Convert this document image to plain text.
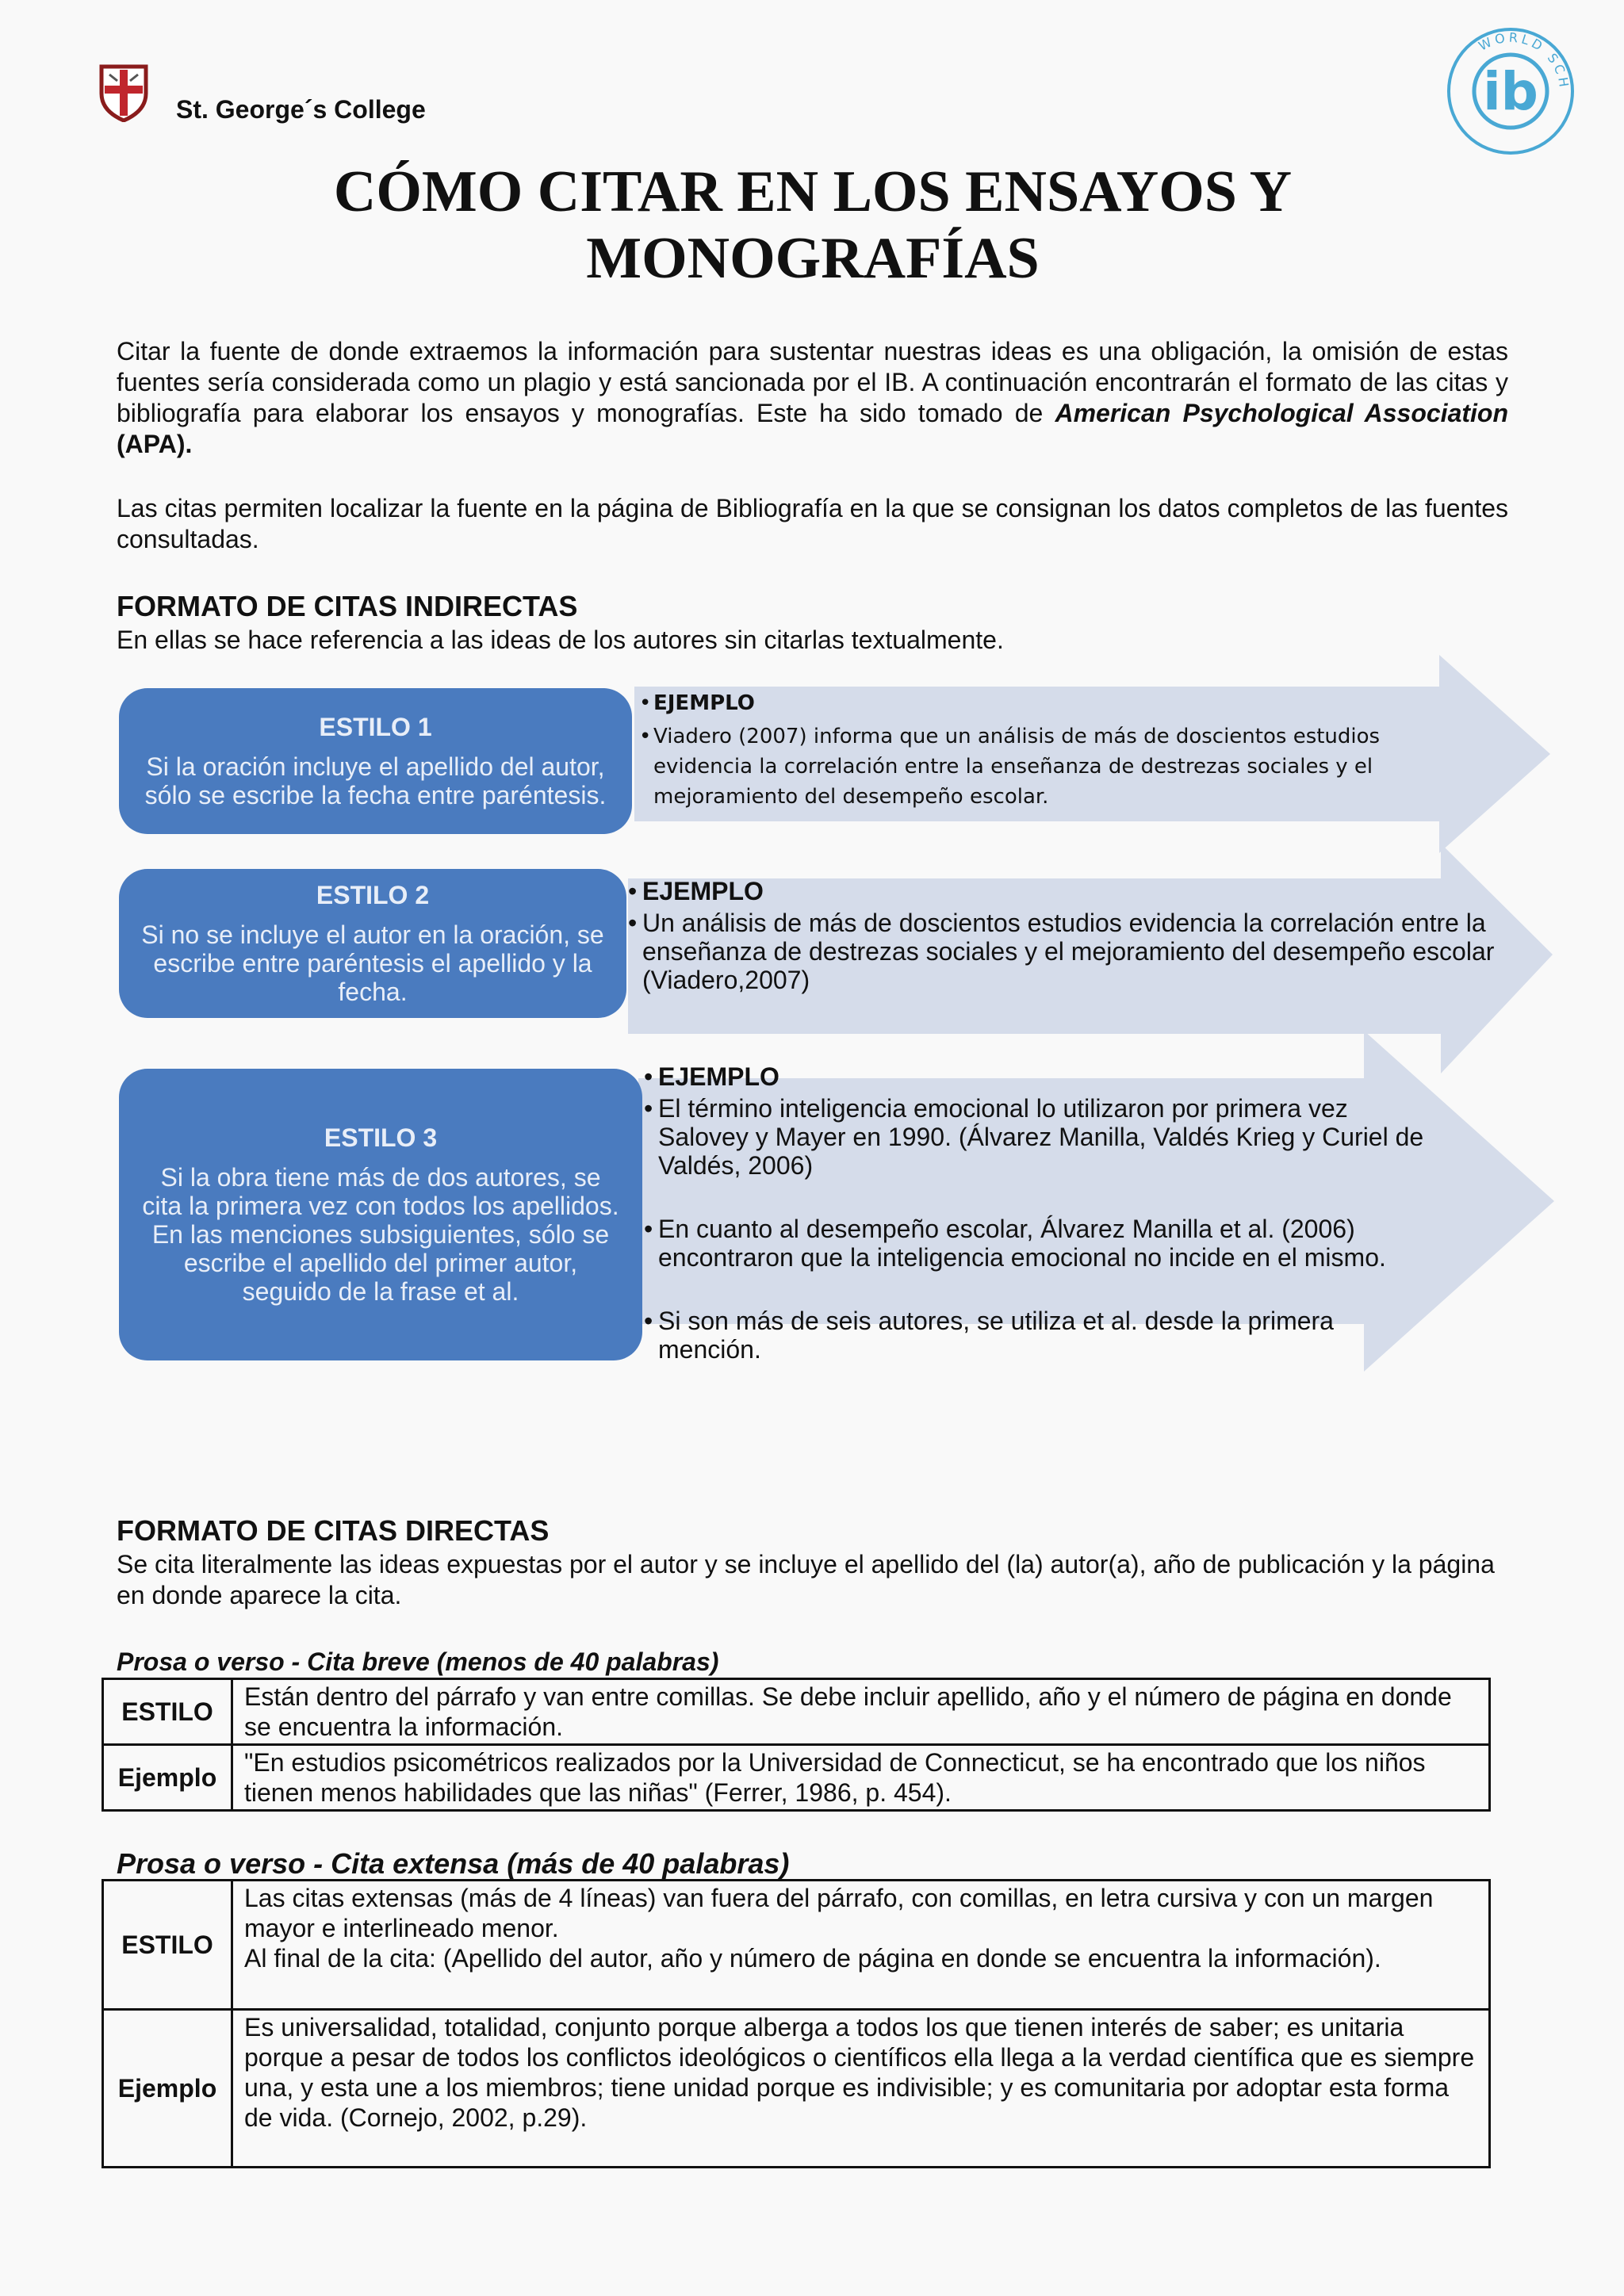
St. George´s College
WORLD SCH
ib
CÓMO CITAR EN LOS ENSAYOS Y
MONOGRAFÍAS
Citar la fuente de donde extraemos la información para sustentar nuestras ideas es una obligación, la omisión de estas fuentes sería considerada como un plagio y está sancionada por el IB. A continuación encontrarán el formato de las citas y bibliografía para elaborar los ensayos y monografías. Este ha sido tomado de American Psychological Association (APA).
Las citas permiten localizar la fuente en la página de Bibliografía en la que se consignan los datos completos de las fuentes consultadas.
FORMATO DE CITAS INDIRECTAS
En ellas se hace referencia a las ideas de los autores sin citarlas textualmente.
ESTILO 1
Si la oración incluye el apellido del autor, sólo se escribe la fecha entre paréntesis.
ESTILO 2
Si no se incluye el autor en la oración, se escribe entre paréntesis el apellido y la fecha.
ESTILO 3
Si la obra tiene más de dos autores, se cita la primera vez con todos los apellidos. En las menciones subsiguientes, sólo se escribe el apellido del primer autor, seguido de la frase et al.
• EJEMPLO
• Viadero (2007) informa que un análisis de más de doscientos estudios evidencia la correlación entre la enseñanza de destrezas sociales y el mejoramiento del desempeño escolar.
• EJEMPLO
• Un análisis de más de doscientos estudios evidencia la correlación entre la enseñanza de destrezas sociales y el mejoramiento del desempeño escolar (Viadero,2007)
• EJEMPLO
• El término inteligencia emocional lo utilizaron por primera vez Salovey y Mayer en 1990. (Álvarez Manilla, Valdés Krieg y Curiel de Valdés, 2006)
• En cuanto al desempeño escolar, Álvarez Manilla et al. (2006) encontraron que la inteligencia emocional no incide en el mismo.
• Si son más de seis autores, se utiliza et al. desde la primera mención.
FORMATO DE CITAS DIRECTAS
Se cita literalmente las ideas expuestas por el autor y se incluye el apellido del (la) autor(a), año de publicación y la página en donde aparece la cita.
Prosa o verso - Cita breve (menos de 40 palabras)
ESTILO	Están dentro del párrafo y van entre comillas. Se debe incluir apellido, año y el número de página en donde se encuentra la información.
Ejemplo	"En estudios psicométricos realizados por la Universidad de Connecticut, se ha encontrado que los niños tienen menos habilidades que las niñas" (Ferrer, 1986, p. 454).
Prosa o verso - Cita extensa (más de 40 palabras)
ESTILO	Las citas extensas (más de 4 líneas) van fuera del párrafo, con comillas, en letra cursiva y con un margen mayor e interlineado menor.
Al final de la cita: (Apellido del autor, año y número de página en donde se encuentra la información).

Ejemplo	Es universalidad, totalidad, conjunto porque alberga a todos los que tienen interés de saber; es unitaria porque a pesar de todos los conflictos ideológicos o científicos ella llega a la verdad científica que es siempre una, y esta une a los miembros; tiene unidad porque es indivisible; y es comunitaria por adoptar esta forma de vida. (Cornejo, 2002, p.29).
